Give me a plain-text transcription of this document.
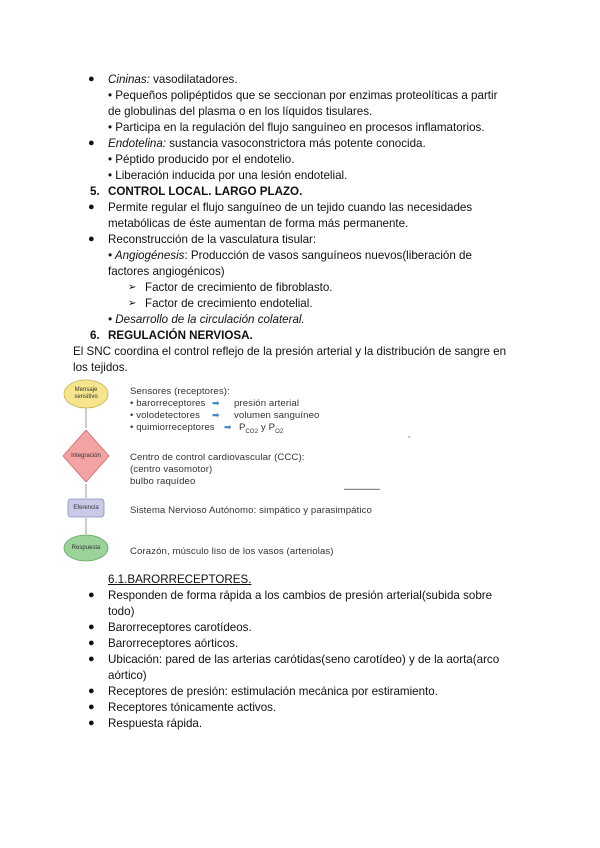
● Cininas: vasodilatadores.
• Pequeños polipéptidos que se seccionan por enzimas proteolíticas a partir
de globulinas del plasma o en los líquidos tisulares.
• Participa en la regulación del flujo sanguíneo en procesos inflamatorios.
● Endotelina: sustancia vasoconstrictora más potente conocida.
• Péptido producido por el endotelio.
• Liberación inducida por una lesión endotelial.
5. CONTROL LOCAL. LARGO PLAZO.
● Permite regular el flujo sanguíneo de un tejido cuando las necesidades
metabólicas de éste aumentan de forma más permanente.
● Reconstrucción de la vasculatura tisular:
• Angiogénesis: Producción de vasos sanguíneos nuevos(liberación de
factores angiogénicos)
➢ Factor de crecimiento de fibroblasto.
➢ Factor de crecimiento endotelial.
• Desarrollo de la circulación colateral.
6. REGULACIÓN NERVIOSA.
El SNC coordina el control reflejo de la presión arterial y la distribución de sangre en
los tejidos.
Mensaje sensitivo
Integración
Eferencia
Respuesta
Sensores (receptores):
• barorreceptores ➡ presión arterial
• volodetectores ➡ volumen sanguíneo
• quimiorreceptores ➡ $P_{CO2}$ y $P_{O2}$
▪
Centro de control cardiovascular (CCC):
(centro vasomotor)
bulbo raquídeo
▬▬▬▬▬▬▬▬▬
Sistema Nervioso Autónomo: simpático y parasimpático
Corazón, músculo liso de los vasos (arteriolas)
6.1.BARORRECEPTORES.
● Responden de forma rápida a los cambios de presión arterial(subida sobre
todo)
● Barorreceptores carotídeos.
● Barorreceptores aórticos.
● Ubicación: pared de las arterias carótidas(seno carotídeo) y de la aorta(arco
aórtico)
● Receptores de presión: estimulación mecánica por estiramiento.
● Receptores tónicamente activos.
● Respuesta rápida.
